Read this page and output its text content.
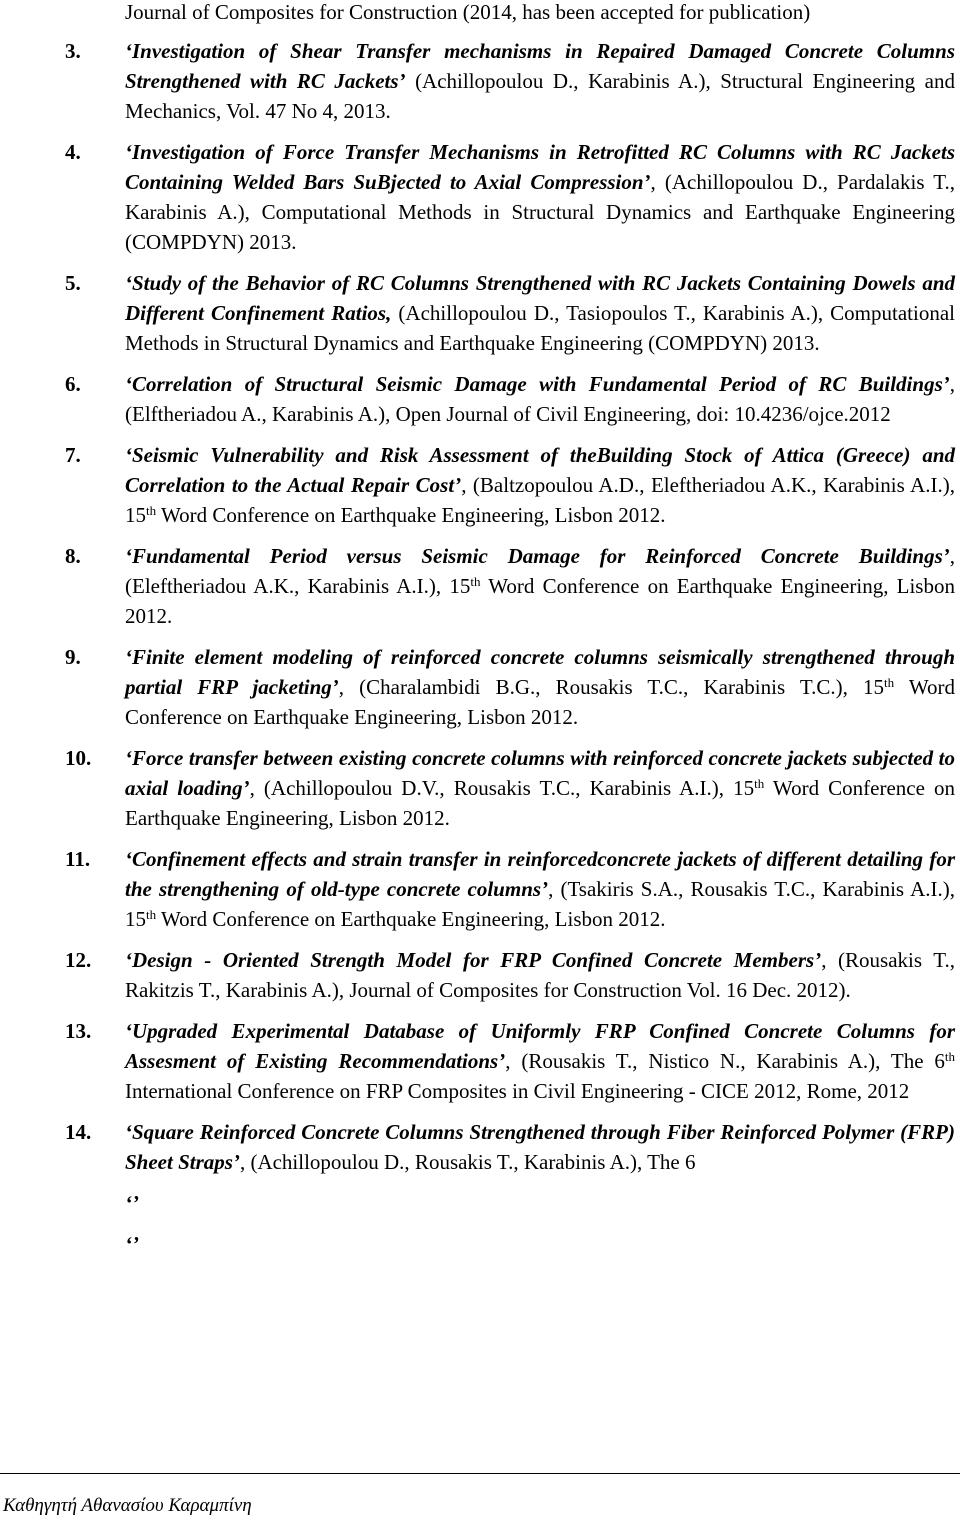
Journal of Composites for Construction (2014, has been accepted for publication)
3. ‘Investigation of Shear Transfer mechanisms in Repaired Damaged Concrete Columns Strengthened with RC Jackets’ (Achillopoulou D., Karabinis A.), Structural Engineering and Mechanics, Vol. 47 No 4, 2013.
4. ‘Investigation of Force Transfer Mechanisms in Retrofitted RC Columns with RC Jackets Containing Welded Bars SuBjected to Axial Compression’, (Achillopoulou D., Pardalakis T., Karabinis A.), Computational Methods in Structural Dynamics and Earthquake Engineering (COMPDYN) 2013.
5. ‘Study of the Behavior of RC Columns Strengthened with RC Jackets Containing Dowels and Different Confinement Ratios, (Achillopoulou D., Tasiopoulos T., Karabinis A.), Computational Methods in Structural Dynamics and Earthquake Engineering (COMPDYN) 2013.
6. ‘Correlation of Structural Seismic Damage with Fundamental Period of RC Buildings’, (Elftheriadou A., Karabinis A.), Open Journal of Civil Engineering, doi: 10.4236/ojce.2012
7. ‘Seismic Vulnerability and Risk Assessment of theBuilding Stock of Attica (Greece) and Correlation to the Actual Repair Cost’, (Baltzopoulou A.D., Eleftheriadou A.K., Karabinis A.I.), 15th Word Conference on Earthquake Engineering, Lisbon 2012.
8. ‘Fundamental Period versus Seismic Damage for Reinforced Concrete Buildings’, (Eleftheriadou A.K., Karabinis A.I.), 15th Word Conference on Earthquake Engineering, Lisbon 2012.
9. ‘Finite element modeling of reinforced concrete columns seismically strengthened through partial FRP jacketing’, (Charalambidi B.G., Rousakis T.C., Karabinis T.C.), 15th Word Conference on Earthquake Engineering, Lisbon 2012.
10. ‘Force transfer between existing concrete columns with reinforced concrete jackets subjected to axial loading’, (Achillopoulou D.V., Rousakis T.C., Karabinis A.I.), 15th Word Conference on Earthquake Engineering, Lisbon 2012.
11. ‘Confinement effects and strain transfer in reinforcedconcrete jackets of different detailing for the strengthening of old-type concrete columns’, (Tsakiris S.A., Rousakis T.C., Karabinis A.I.), 15th Word Conference on Earthquake Engineering, Lisbon 2012.
12. ‘Design - Oriented Strength Model for FRP Confined Concrete Members’, (Rousakis T., Rakitzis T., Karabinis A.), Journal of Composites for Construction Vol. 16 Dec. 2012).
13. ‘Upgraded Experimental Database of Uniformly FRP Confined Concrete Columns for Assesment of Existing Recommendations’, (Rousakis T., Nistico N., Karabinis A.), The 6th International Conference on FRP Composites in Civil Engineering - CICE 2012, Rome, 2012
14. ‘Square Reinforced Concrete Columns Strengthened through Fiber Reinforced Polymer (FRP) Sheet Straps’, (Achillopoulou D., Rousakis T., Karabinis A.), The 6
‘’
‘’
Καθηγητή Αθανασίου Καραμπίνη
